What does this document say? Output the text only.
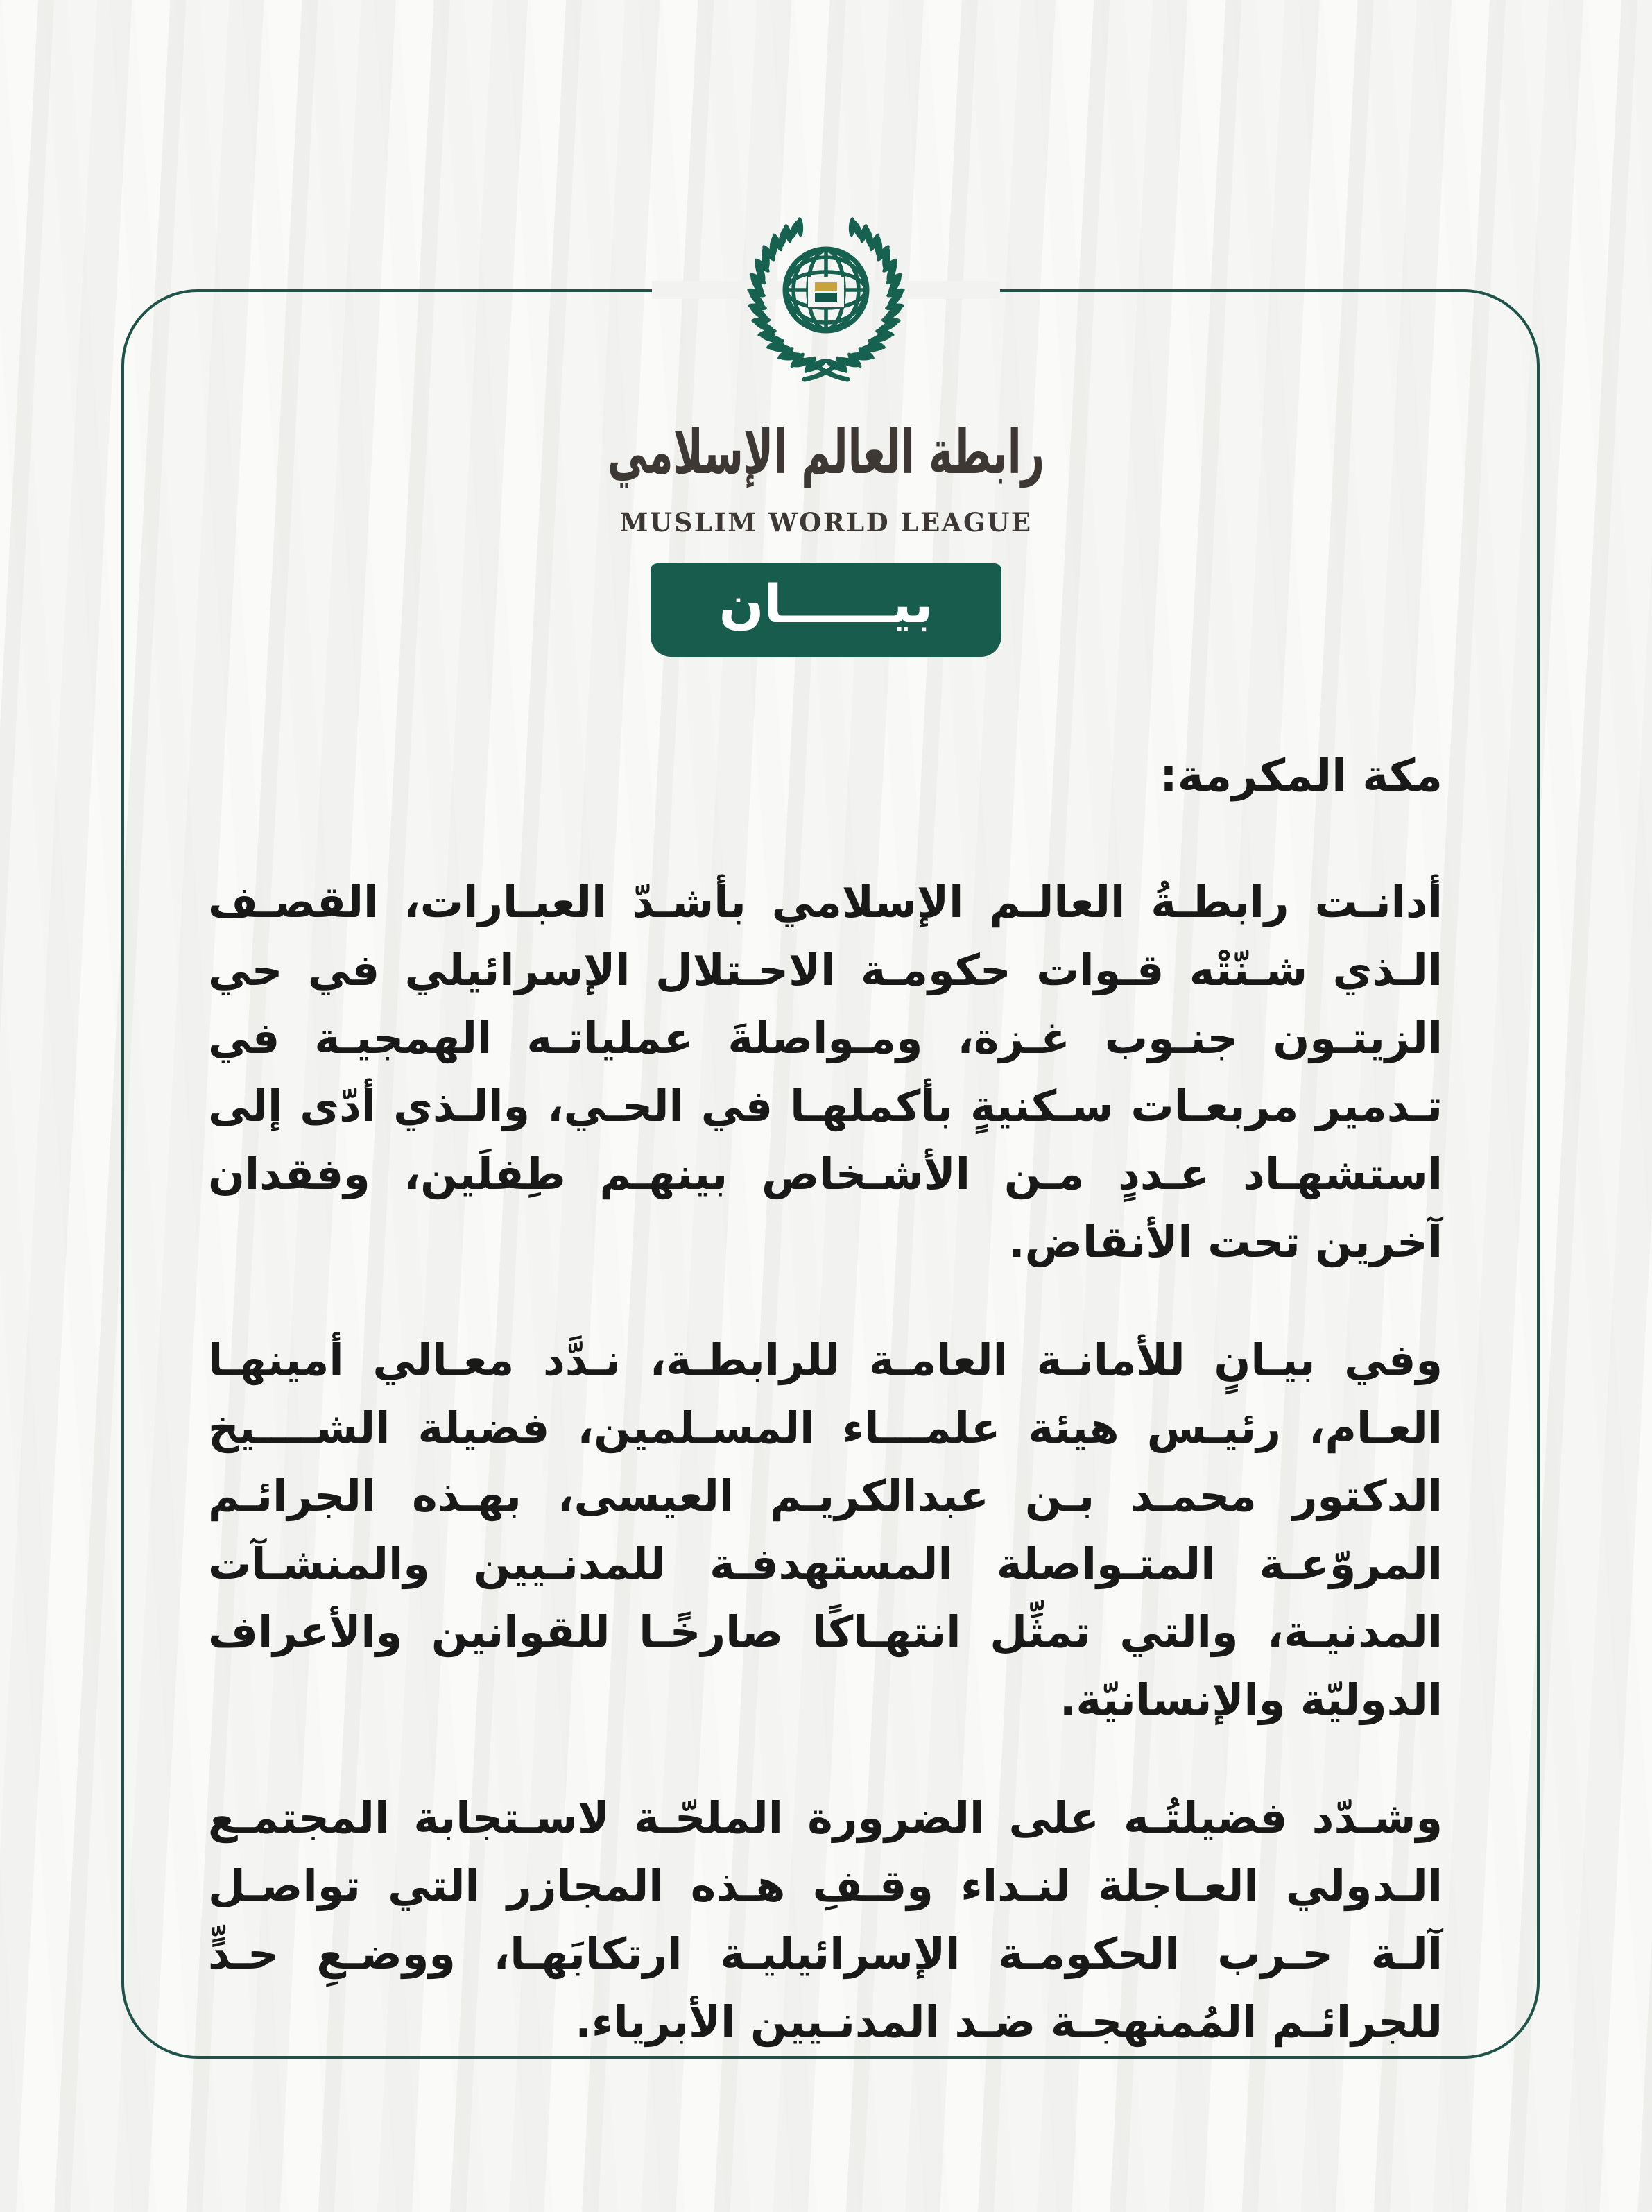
رابطة العالم الإسلامي
MUSLIM WORLD LEAGUE
بيــــــان
مكة المكرمة:

أدانـت رابطـةُ العالـم الإسلامي بأشـدّ العبـارات، القصـف الـذي شـنّتْه قـوات حكومـة الاحـتلال الإسرائيلي في حي الزيتـون جنـوب غـزة، ومـواصلةَ عملياتـه الهمجيـة في تـدمير مربعـات سـكنيةٍ بأكملهـا في الحـي، والـذي أدّى إلى استشهـاد عـددٍ مـن الأشـخاص بينهـم طِفلَين، وفقدان آخرين تحت الأنقاض.

وفي بيـانٍ للأمانـة العامـة للرابطـة، نـدَّد معـالي أمينهـا العـام، رئيـس هيئة علمـــاء المسـلمين، فضيلة الشــــيخ الدكتور محمـد بـن عبدالكريـم العيسى، بهـذه الجرائـم المروّعـة المتـواصلة المستهدفـة للمدنـيين والمنشـآت المدنيـة، والتي تمثِّل انتهـاكًا صارخًـا للقوانين والأعراف الدوليّة والإنسانيّة.

وشـدّد فضيلتُـه على الضرورة الملحّـة لاسـتجابة المجتمـع الـدولي العـاجلة لنـداء وقـفِ هـذه المجازر التي تواصـل آلـة حـرب الحكومـة الإسرائيليـة ارتكابَهـا، ووضـعِ حـدٍّ للجرائـم المُمنهجـة ضـد المدنـيين الأبرياء.
